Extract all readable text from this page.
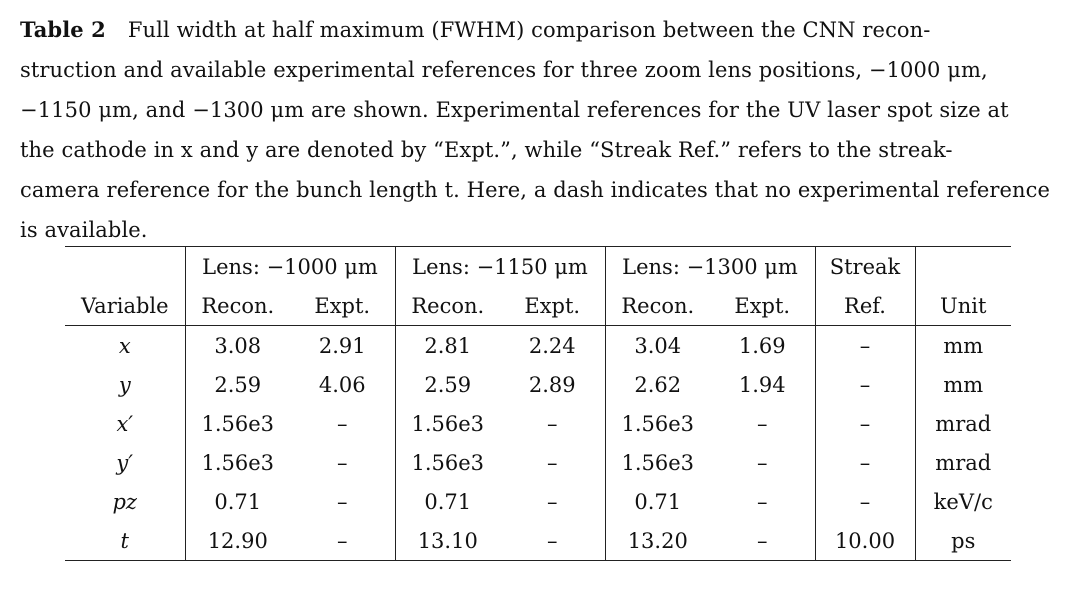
Table 2 Full width at half maximum (FWHM) comparison between the CNN recon-
struction and available experimental references for three zoom lens positions, −1000 μm,
−1150 μm, and −1300 μm are shown. Experimental references for the UV laser spot size at
the cathode in x and y are denoted by “Expt.”, while “Streak Ref.” refers to the streak-
camera reference for the bunch length t. Here, a dash indicates that no experimental reference
is available.
	Lens: −1000 μm		Lens: −1150 μm		Lens: −1300 μm		Streak	
Variable	Recon.	Expt.	Recon.	Expt.	Recon.	Expt.	Ref.	Unit
x	3.08	2.91	2.81	2.24	3.04	1.69	–	mm
y	2.59	4.06	2.59	2.89	2.62	1.94	–	mm
x′	1.56e3	–	1.56e3	–	1.56e3	–	–	mrad
y′	1.56e3	–	1.56e3	–	1.56e3	–	–	mrad
pz	0.71	–	0.71	–	0.71	–	–	keV/c
t	12.90	–	13.10	–	13.20	–	10.00	ps
